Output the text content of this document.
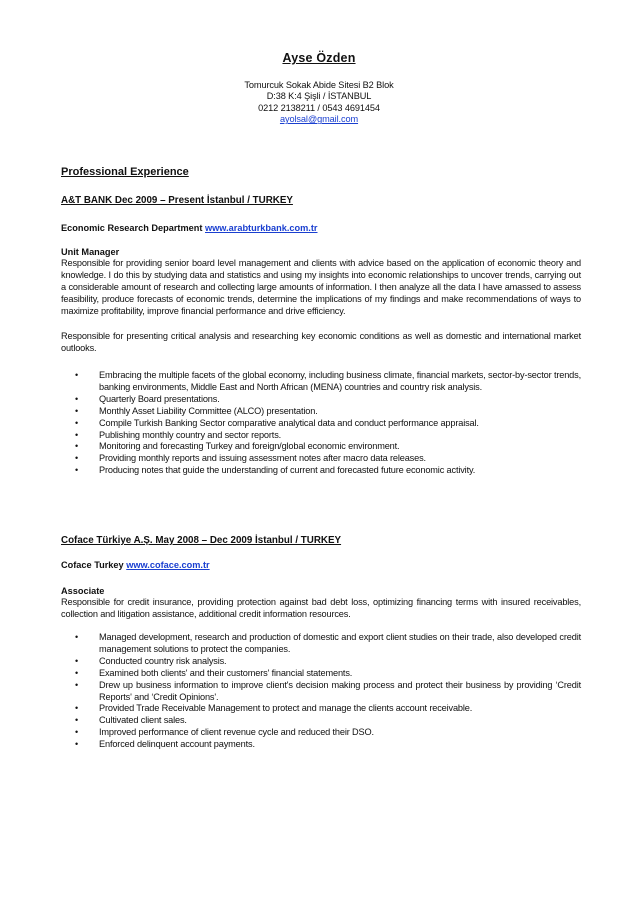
Ayse Özden
Tomurcuk Sokak Abide Sitesi B2 Blok
D:38 K:4 Şişli / İSTANBUL
0212 2138211 / 0543 4691454
ayolsal@gmail.com
Professional Experience
A&T BANK Dec 2009 – Present İstanbul / TURKEY
Economic Research Department www.arabturkbank.com.tr
Unit Manager
Responsible for providing senior board level management and clients with advice based on the application of economic theory and knowledge. I do this by studying data and statistics and using my insights into economic relationships to uncover trends, carrying out a considerable amount of research and collecting large amounts of information. I then analyze all the data I have amassed to assess feasibility, produce forecasts of economic trends, determine the implications of my findings and make recommendations of ways to maximize profitability, improve financial performance and drive efficiency.
Responsible for presenting critical analysis and researching key economic conditions as well as domestic and international market outlooks.
• Embracing the multiple facets of the global economy, including business climate, financial markets, sector-by-sector trends, banking environments, Middle East and North African (MENA) countries and country risk analysis.
• Quarterly Board presentations.
• Monthly Asset Liability Committee (ALCO) presentation.
• Compile Turkish Banking Sector comparative analytical data and conduct performance appraisal.
• Publishing monthly country and sector reports.
• Monitoring and forecasting Turkey and foreign/global economic environment.
• Providing monthly reports and issuing assessment notes after macro data releases.
• Producing notes that guide the understanding of current and forecasted future economic activity.
Coface Türkiye A.Ş. May 2008 – Dec 2009 İstanbul / TURKEY
Coface Turkey www.coface.com.tr
Associate
Responsible for credit insurance, providing protection against bad debt loss, optimizing financing terms with insured receivables, collection and litigation assistance, additional credit information resources.
• Managed development, research and production of domestic and export client studies on their trade, also developed credit management solutions to protect the companies.
• Conducted country risk analysis.
• Examined both clients' and their customers' financial statements.
• Drew up business information to improve client's decision making process and protect their business by providing ‘Credit Reports' and ‘Credit Opinions'.
• Provided Trade Receivable Management to protect and manage the clients account receivable.
• Cultivated client sales.
• Improved performance of client revenue cycle and reduced their DSO.
• Enforced delinquent account payments.
